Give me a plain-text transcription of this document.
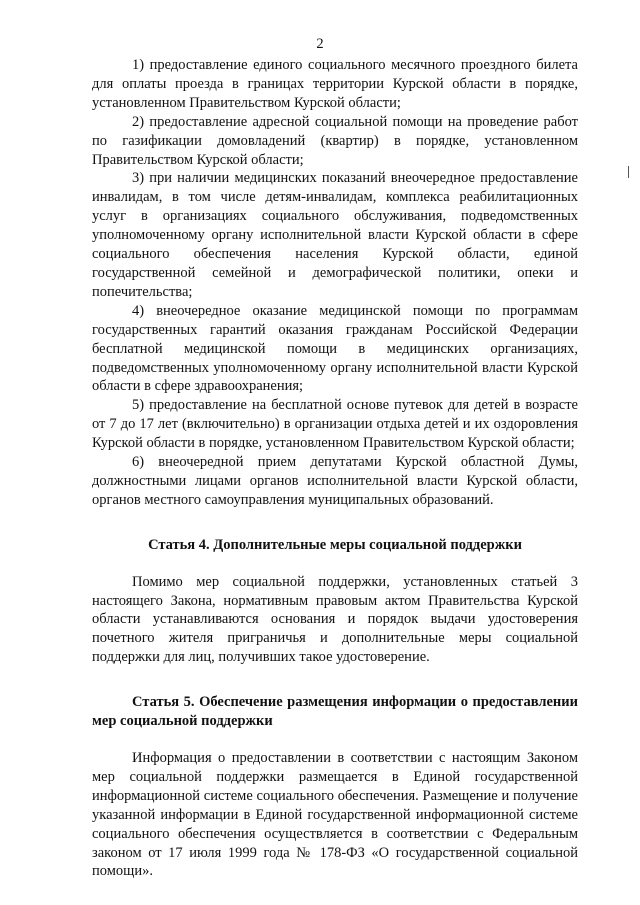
2

1) предоставление единого социального месячного проездного билета для оплаты проезда в границах территории Курской области в порядке, установленном Правительством Курской области;

2) предоставление адресной социальной помощи на проведение работ по газификации домовладений (квартир) в порядке, установленном Правительством Курской области;

3) при наличии медицинских показаний внеочередное предоставление инвалидам, в том числе детям-инвалидам, комплекса реабилитационных услуг в организациях социального обслуживания, подведомственных уполномоченному органу исполнительной власти Курской области в сфере социального обеспечения населения Курской области, единой государственной семейной и демографической политики, опеки и попечительства;

4) внеочередное оказание медицинской помощи по программам государственных гарантий оказания гражданам Российской Федерации бесплатной медицинской помощи в медицинских организациях, подведомственных уполномоченному органу исполнительной власти Курской области в сфере здравоохранения;

5) предоставление на бесплатной основе путевок для детей в возрасте от 7 до 17 лет (включительно) в организации отдыха детей и их оздоровления Курской области в порядке, установленном Правительством Курской области;

6) внеочередной прием депутатами Курской областной Думы, должностными лицами органов исполнительной власти Курской области, органов местного самоуправления муниципальных образований.

Статья 4. Дополнительные меры социальной поддержки

Помимо мер социальной поддержки, установленных статьей 3 настоящего Закона, нормативным правовым актом Правительства Курской области устанавливаются основания и порядок выдачи удостоверения почетного жителя приграничья и дополнительные меры социальной поддержки для лиц, получивших такое удостоверение.

Статья 5. Обеспечение размещения информации о предоставлении мер социальной поддержки

Информация о предоставлении в соответствии с настоящим Законом мер социальной поддержки размещается в Единой государственной информационной системе социального обеспечения. Размещение и получение указанной информации в Единой государственной информационной системе социального обеспечения осуществляется в соответствии с Федеральным законом от 17 июля 1999 года № 178-ФЗ «О государственной социальной помощи».
